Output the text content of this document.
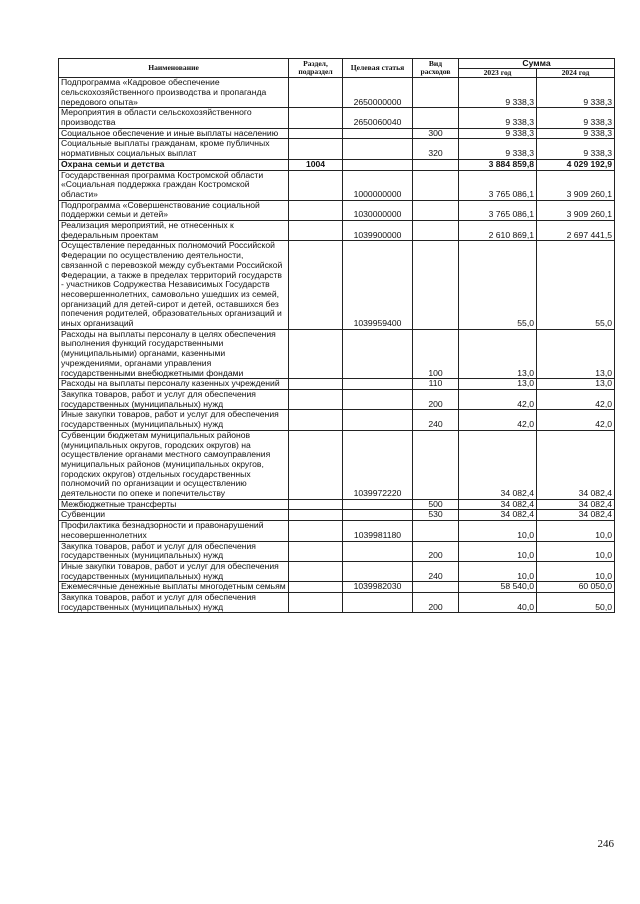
Наименование	Раздел, подраздел	Целевая статья	Вид расходов	Сумма	
				2023 год	2024 год
Подпрограмма «Кадровое обеспечение сельскохозяйственного производства и пропаганда передового опыта»		2650000000		9 338,3	9 338,3
Мероприятия в области сельскохозяйственного производства		2650060040		9 338,3	9 338,3
Социальное обеспечение и иные выплаты населению			300	9 338,3	9 338,3
Социальные выплаты гражданам, кроме публичных нормативных социальных выплат			320	9 338,3	9 338,3
Охрана семьи и детства	1004			3 884 859,8	4 029 192,9
Государственная программа Костромской области «Социальная поддержка граждан Костромской области»		1000000000		3 765 086,1	3 909 260,1
Подпрограмма «Совершенствование социальной поддержки семьи и детей»		1030000000		3 765 086,1	3 909 260,1
Реализация мероприятий, не отнесенных к федеральным проектам		1039900000		2 610 869,1	2 697 441,5
Осуществление переданных полномочий Российской Федерации по осуществлению деятельности, связанной с перевозкой между субъектами Российской Федерации, а также в пределах территорий государств - участников Содружества Независимых Государств несовершеннолетних, самовольно ушедших из семей, организаций для детей-сирот и детей, оставшихся без попечения родителей, образовательных организаций и иных организаций		1039959400		55,0	55,0
Расходы на выплаты персоналу в целях обеспечения выполнения функций государственными (муниципальными) органами, казенными учреждениями, органами управления государственными внебюджетными фондами			100	13,0	13,0
Расходы на выплаты персоналу казенных учреждений			110	13,0	13,0
Закупка товаров, работ и услуг для обеспечения государственных (муниципальных) нужд			200	42,0	42,0
Иные закупки товаров, работ и услуг для обеспечения государственных (муниципальных) нужд			240	42,0	42,0
Субвенции бюджетам муниципальных районов (муниципальных округов, городских округов) на осуществление органами местного самоуправления муниципальных районов (муниципальных округов, городских округов) отдельных государственных полномочий по организации и осуществлению деятельности по опеке и попечительству		1039972220		34 082,4	34 082,4
Межбюджетные трансферты			500	34 082,4	34 082,4
Субвенции			530	34 082,4	34 082,4
Профилактика безнадзорности и правонарушений несовершеннолетних		1039981180		10,0	10,0
Закупка товаров, работ и услуг для обеспечения государственных (муниципальных) нужд			200	10,0	10,0
Иные закупки товаров, работ и услуг для обеспечения государственных (муниципальных) нужд			240	10,0	10,0
Ежемесячные денежные выплаты многодетным семьям		1039982030		58 540,0	60 050,0
Закупка товаров, работ и услуг для обеспечения государственных (муниципальных) нужд			200	40,0	50,0
246
